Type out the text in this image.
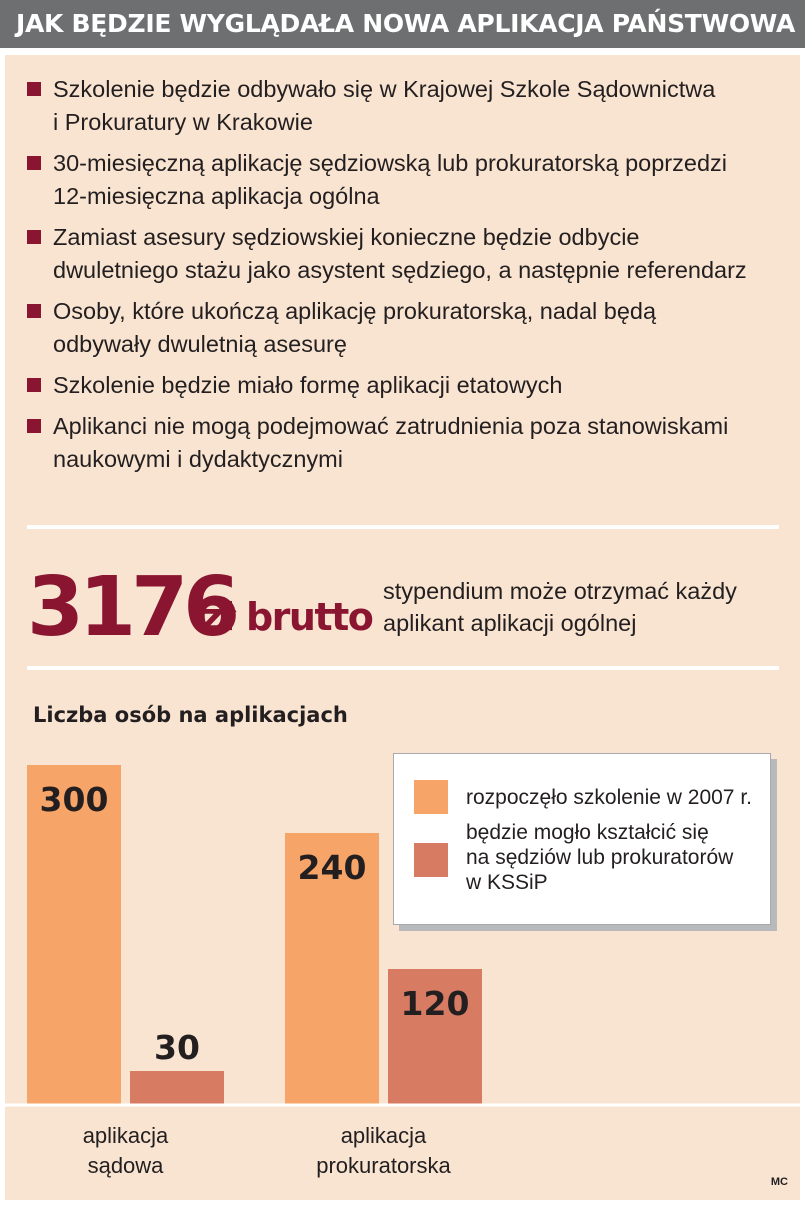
JAK BĘDZIE WYGLĄDAŁA NOWA APLIKACJA PAŃSTWOWA
Szkolenie będzie odbywało się w Krajowej Szkole Sądownictwa
i Prokuratury w Krakowie
30-miesięczną aplikację sędziowską lub prokuratorską poprzedzi
12-miesięczna aplikacja ogólna
Zamiast asesury sędziowskiej konieczne będzie odbycie
dwuletniego stażu jako asystent sędziego, a następnie referendarz
Osoby, które ukończą aplikację prokuratorską, nadal będą
odbywały dwuletnią asesurę
Szkolenie będzie miało formę aplikacji etatowych
Aplikanci nie mogą podejmować zatrudnienia poza stanowiskami
naukowymi i dydaktycznymi
3176
zł brutto
stypendium może otrzymać każdy
aplikant aplikacji ogólnej
Liczba osób na aplikacjach
300
240
30
120
aplikacja
sądowa
aplikacja
prokuratorska
rozpoczęło szkolenie w 2007 r.
będzie mogło kształcić się
na sędziów lub prokuratorów
w KSSiP
MC
